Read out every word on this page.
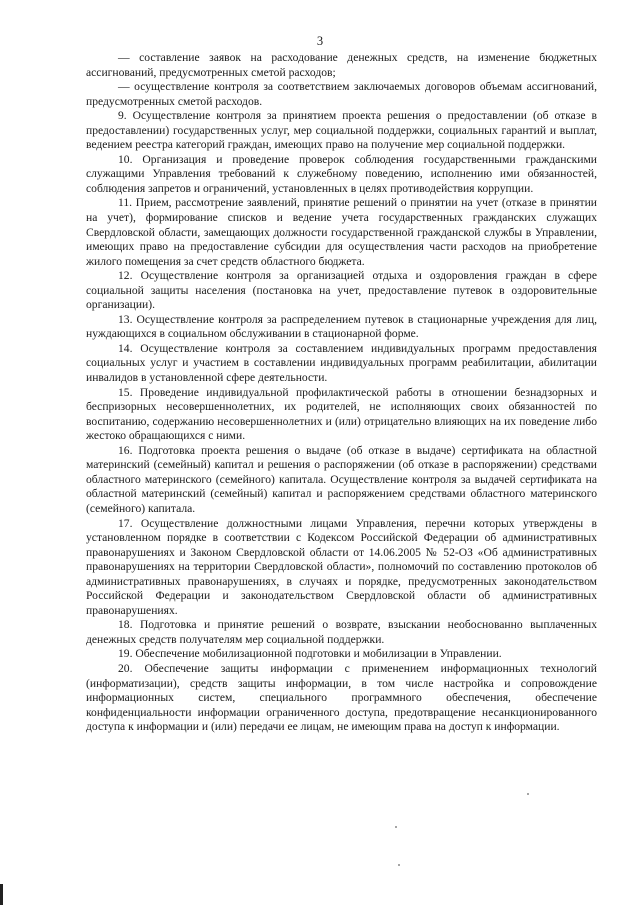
3

— составление заявок на расходование денежных средств, на изменение бюджетных ассигнований, предусмотренных сметой расходов;

— осуществление контроля за соответствием заключаемых договоров объемам ассигнований, предусмотренных сметой расходов.

9. Осуществление контроля за принятием проекта решения о предоставлении (об отказе в предоставлении) государственных услуг, мер социальной поддержки, социальных гарантий и выплат, ведением реестра категорий граждан, имеющих право на получение мер социальной поддержки.

10. Организация и проведение проверок соблюдения государственными гражданскими служащими Управления требований к служебному поведению, исполнению ими обязанностей, соблюдения запретов и ограничений, установленных в целях противодействия коррупции.

11. Прием, рассмотрение заявлений, принятие решений о принятии на учет (отказе в принятии на учет), формирование списков и ведение учета государственных гражданских служащих Свердловской области, замещающих должности государственной гражданской службы в Управлении, имеющих право на предоставление субсидии для осуществления части расходов на приобретение жилого помещения за счет средств областного бюджета.

12. Осуществление контроля за организацией отдыха и оздоровления граждан в сфере социальной защиты населения (постановка на учет, предоставление путевок в оздоровительные организации).

13. Осуществление контроля за распределением путевок в стационарные учреждения для лиц, нуждающихся в социальном обслуживании в стационарной форме.

14. Осуществление контроля за составлением индивидуальных программ предоставления социальных услуг и участием в составлении индивидуальных программ реабилитации, абилитации инвалидов в установленной сфере деятельности.

15. Проведение индивидуальной профилактической работы в отношении безнадзорных и беспризорных несовершеннолетних, их родителей, не исполняющих своих обязанностей по воспитанию, содержанию несовершеннолетних и (или) отрицательно влияющих на их поведение либо жестоко обращающихся с ними.

16. Подготовка проекта решения о выдаче (об отказе в выдаче) сертификата на областной материнский (семейный) капитал и решения о распоряжении (об отказе в распоряжении) средствами областного материнского (семейного) капитала. Осуществление контроля за выдачей сертификата на областной материнский (семейный) капитал и распоряжением средствами областного материнского (семейного) капитала.

17. Осуществление должностными лицами Управления, перечни которых утверждены в установленном порядке в соответствии с Кодексом Российской Федерации об административных правонарушениях и Законом Свердловской области от 14.06.2005 № 52-ОЗ «Об административных правонарушениях на территории Свердловской области», полномочий по составлению протоколов об административных правонарушениях, в случаях и порядке, предусмотренных законодательством Российской Федерации и законодательством Свердловской области об административных правонарушениях.

18. Подготовка и принятие решений о возврате, взыскании необоснованно выплаченных денежных средств получателям мер социальной поддержки.

19. Обеспечение мобилизационной подготовки и мобилизации в Управлении.

20. Обеспечение защиты информации с применением информационных технологий (информатизации), средств защиты информации, в том числе настройка и сопровождение информационных систем, специального программного обеспечения, обеспечение конфиденциальности информации ограниченного доступа, предотвращение несанкционированного доступа к информации и (или) передачи ее лицам, не имеющим права на доступ к информации.
